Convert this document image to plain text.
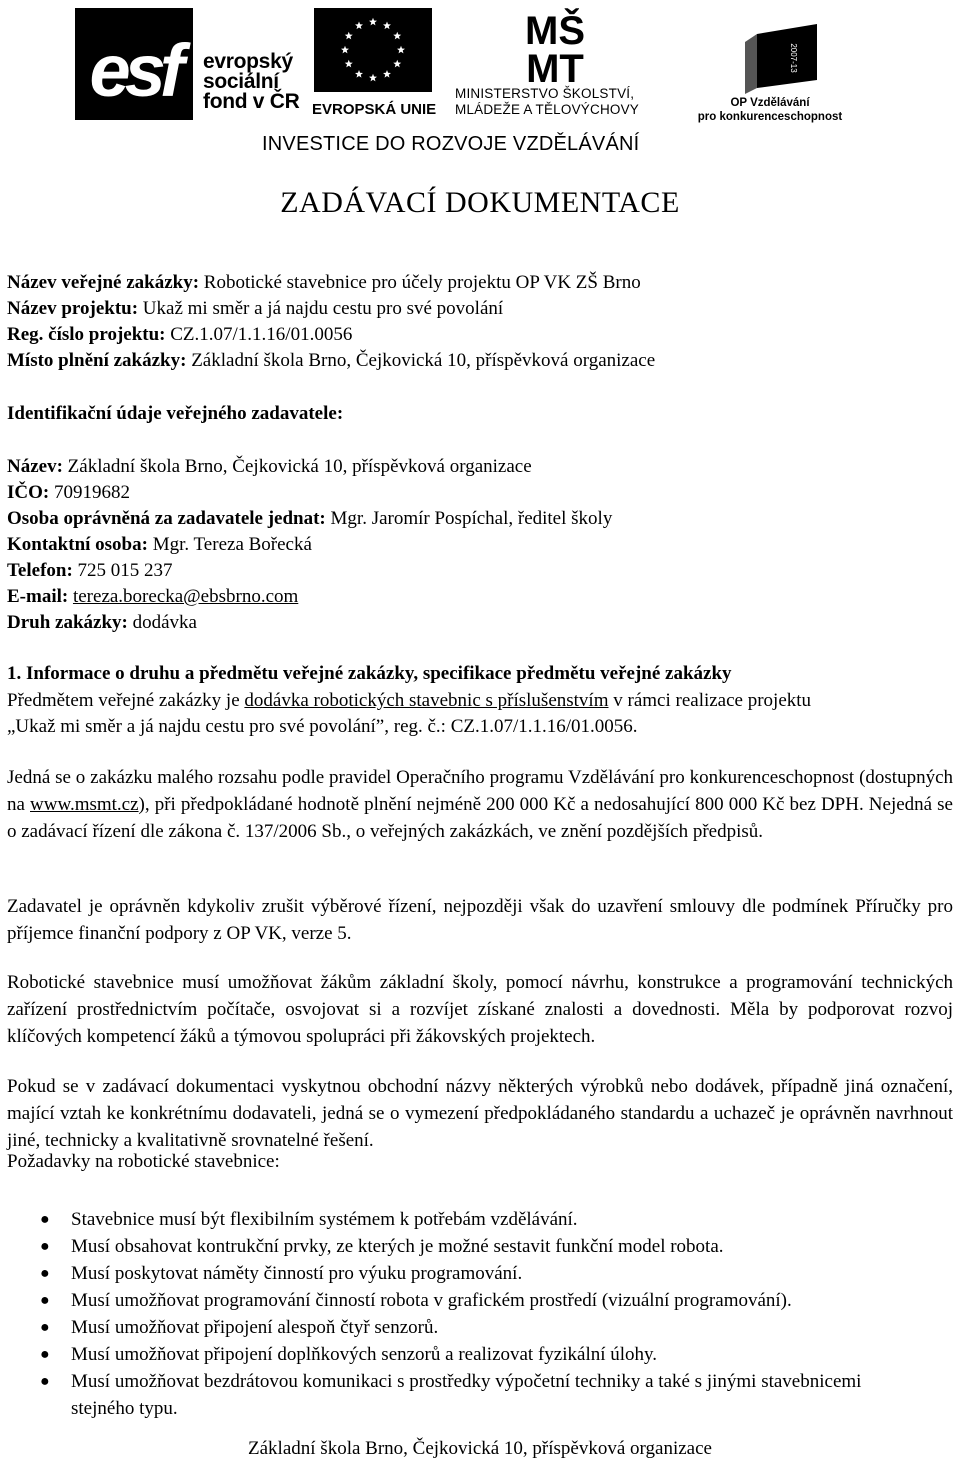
esf	evropský
sociální
fond v ČR EVROPSKÁ UNIE
MŠ
MT
MINISTERSTVO ŠKOLSTVÍ,
MLÁDEŽE A TĚLOVÝCHOVY
2007-13
OP Vzdělávání
pro konkurenceschopnost
INVESTICE DO ROZVOJE VZDĚLÁVÁNÍ
ZADÁVACÍ DOKUMENTACE
Název veřejné zakázky: Robotické stavebnice pro účely projektu OP VK ZŠ Brno
Název projektu: Ukaž mi směr a já najdu cestu pro své povolání
Reg. číslo projektu: CZ.1.07/1.1.16/01.0056
Místo plnění zakázky: Základní škola Brno, Čejkovická 10, příspěvková organizace
Identifikační údaje veřejného zadavatele:
Název: Základní škola Brno, Čejkovická 10, příspěvková organizace
IČO: 70919682
Osoba oprávněná za zadavatele jednat: Mgr. Jaromír Pospíchal, ředitel školy
Kontaktní osoba: Mgr. Tereza Bořecká
Telefon: 725 015 237
E-mail: tereza.borecka@ebsbrno.com
Druh zakázky: dodávka
1. Informace o druhu a předmětu veřejné zakázky, specifikace předmětu veřejné zakázky
Předmětem veřejné zakázky je dodávka robotických stavebnic s příslušenstvím v rámci realizace projektu
„Ukaž mi směr a já najdu cestu pro své povolání”, reg. č.: CZ.1.07/1.1.16/01.0056.
Jedná se o zakázku malého rozsahu podle pravidel Operačního programu Vzdělávání pro konkurenceschopnost (dostupných na www.msmt.cz), při předpokládané hodnotě plnění nejméně 200 000 Kč a nedosahující 800 000 Kč bez DPH. Nejedná se o zadávací řízení dle zákona č. 137/2006 Sb., o veřejných zakázkách, ve znění pozdějších předpisů.
Zadavatel je oprávněn kdykoliv zrušit výběrové řízení, nejpozději však do uzavření smlouvy dle podmínek Příručky pro příjemce finanční podpory z OP VK, verze 5.
Robotické stavebnice musí umožňovat žákům základní školy, pomocí návrhu, konstrukce a programování technických zařízení prostřednictvím počítače, osvojovat si a rozvíjet získané znalosti a dovednosti. Měla by podporovat rozvoj klíčových kompetencí žáků a týmovou spolupráci při žákovských projektech.
Pokud se v zadávací dokumentaci vyskytnou obchodní názvy některých výrobků nebo dodávek, případně jiná označení, mající vztah ke konkrétnímu dodavateli, jedná se o vymezení předpokládaného standardu a uchazeč je oprávněn navrhnout jiné, technicky a kvalitativně srovnatelné řešení.
Požadavky na robotické stavebnice:
● Stavebnice musí být flexibilním systémem k potřebám vzdělávání.
● Musí obsahovat kontrukční prvky, ze kterých je možné sestavit funkční model robota.
● Musí poskytovat náměty činností pro výuku programování.
● Musí umožňovat programování činností robota v grafickém prostředí (vizuální programování).
● Musí umožňovat připojení alespoň čtyř senzorů.
● Musí umožňovat připojení doplňkových senzorů a realizovat fyzikální úlohy.
● Musí umožňovat bezdrátovou komunikaci s prostředky výpočetní techniky a také s jinými stavebnicemi stejného typu.
Základní škola Brno, Čejkovická 10, příspěvková organizace
